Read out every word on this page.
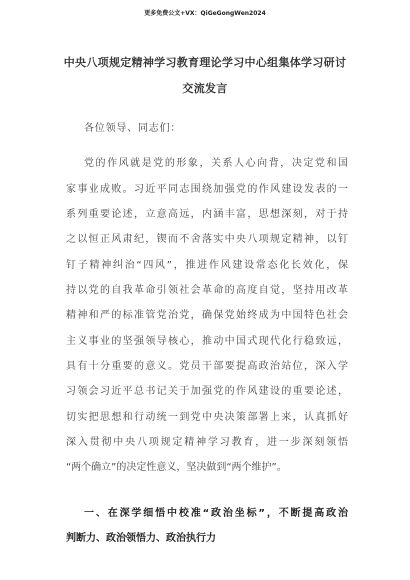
更多免费公文+VX：QiGeGongWen2024
中央八项规定精神学习教育理论学习中心组集体学习研讨
交流发言
各位领导、同志们：
党的作风就是党的形象，关系人心向背，决定党和国
家事业成败。习近平同志围绕加强党的作风建设发表的一
系列重要论述，立意高远，内涵丰富，思想深刻，对于持
之以恒正风肃纪，锲而不舍落实中央八项规定精神，以钉
钉子精神纠治“四风”，推进作风建设常态化长效化，保
持以党的自我革命引领社会革命的高度自觉，坚持用改革
精神和严的标准管党治党，确保党始终成为中国特色社会
主义事业的坚强领导核心，推动中国式现代化行稳致远，
具有十分重要的意义。党员干部要提高政治站位，深入学
习领会习近平总书记关于加强党的作风建设的重要论述，
切实把思想和行动统一到党中央决策部署上来，认真抓好
深入贯彻中央八项规定精神学习教育，进一步深刻领悟
“两个确立”的决定性意义，坚决做到“两个维护”。
一、在深学细悟中校准“政治坐标”，不断提高政治
判断力、政治领悟力、政治执行力
